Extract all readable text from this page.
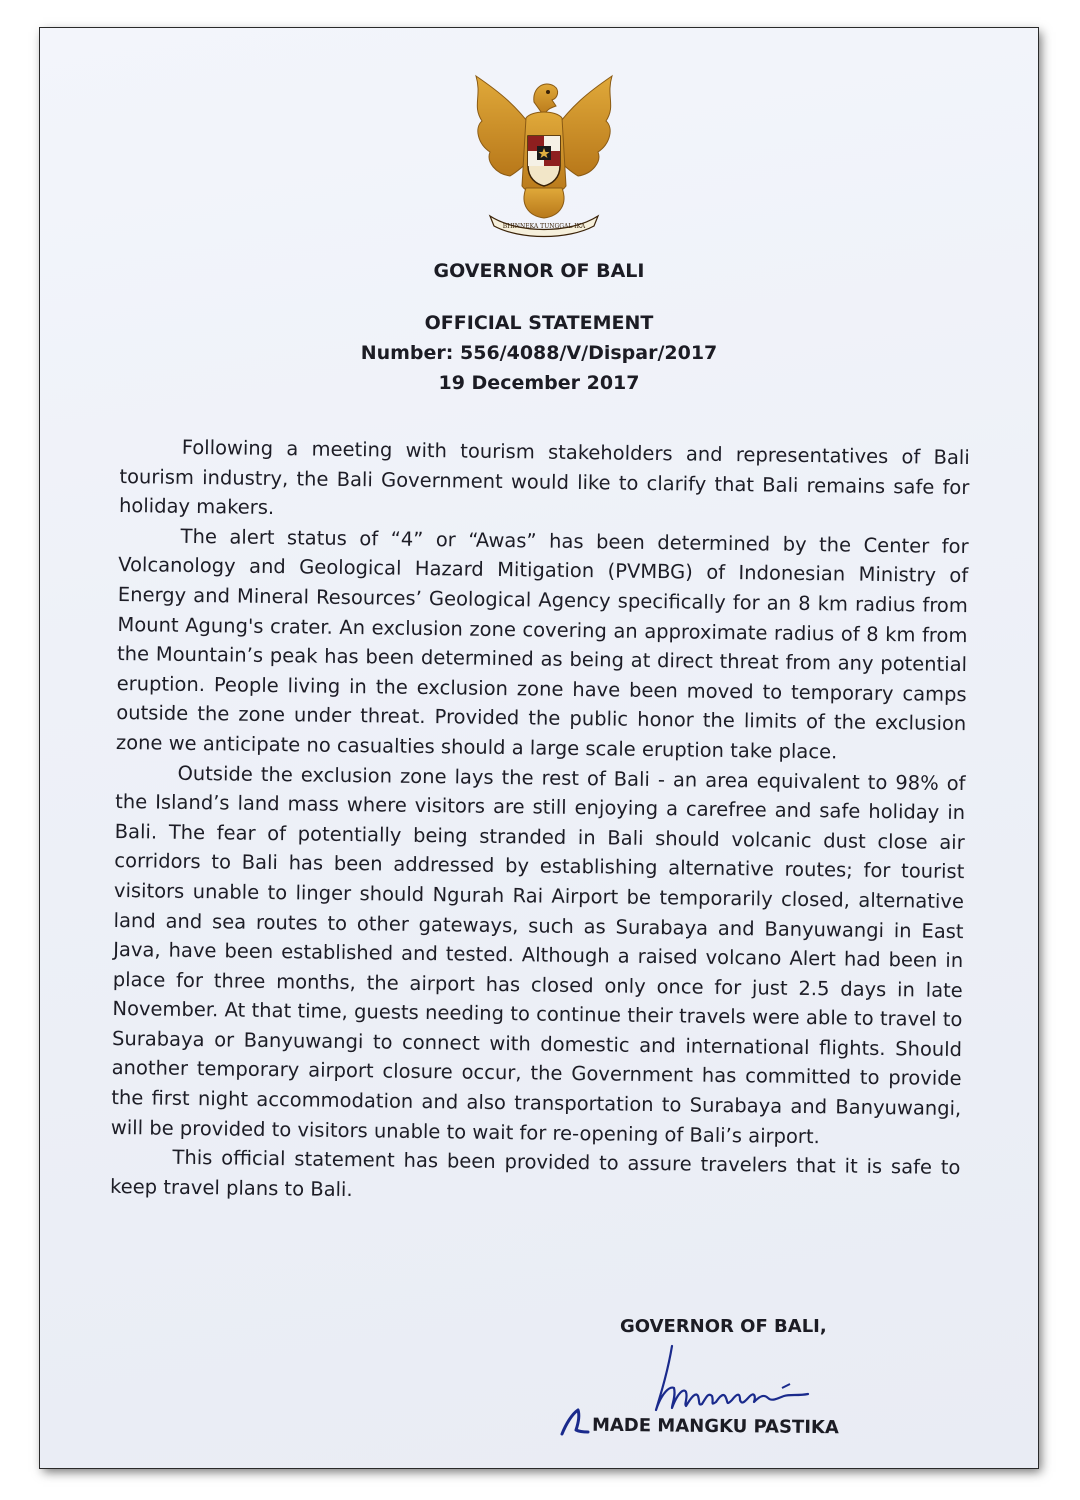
BHINNEKA TUNGGAL IKA
GOVERNOR OF BALI
OFFICIAL STATEMENT
Number: 556/4088/V/Dispar/2017
19 December 2017

Following a meeting with tourism stakeholders and representatives of Bali tourism industry, the Bali Government would like to clarify that Bali remains safe for holiday makers.

The alert status of “4” or “Awas” has been determined by the Center for Volcanology and Geological Hazard Mitigation (PVMBG) of Indonesian Ministry of Energy and Mineral Resources’ Geological Agency specifically for an 8 km radius from Mount Agung's crater. An exclusion zone covering an approximate radius of 8 km from the Mountain’s peak has been determined as being at direct threat from any potential eruption. People living in the exclusion zone have been moved to temporary camps outside the zone under threat. Provided the public honor the limits of the exclusion zone we anticipate no casualties should a large scale eruption take place.

Outside the exclusion zone lays the rest of Bali - an area equivalent to 98% of the Island’s land mass where visitors are still enjoying a carefree and safe holiday in Bali. The fear of potentially being stranded in Bali should volcanic dust close air corridors to Bali has been addressed by establishing alternative routes; for tourist visitors unable to linger should Ngurah Rai Airport be temporarily closed, alternative land and sea routes to other gateways, such as Surabaya and Banyuwangi in East Java, have been established and tested. Although a raised volcano Alert had been in place for three months, the airport has closed only once for just 2.5 days in late November. At that time, guests needing to continue their travels were able to travel to Surabaya or Banyuwangi to connect with domestic and international flights. Should another temporary airport closure occur, the Government has committed to provide the first night accommodation and also transportation to Surabaya and Banyuwangi, will be provided to visitors unable to wait for re-opening of Bali’s airport.

This official statement has been provided to assure travelers that it is safe to keep travel plans to Bali.

GOVERNOR OF BALI,
MADE MANGKU PASTIKA
